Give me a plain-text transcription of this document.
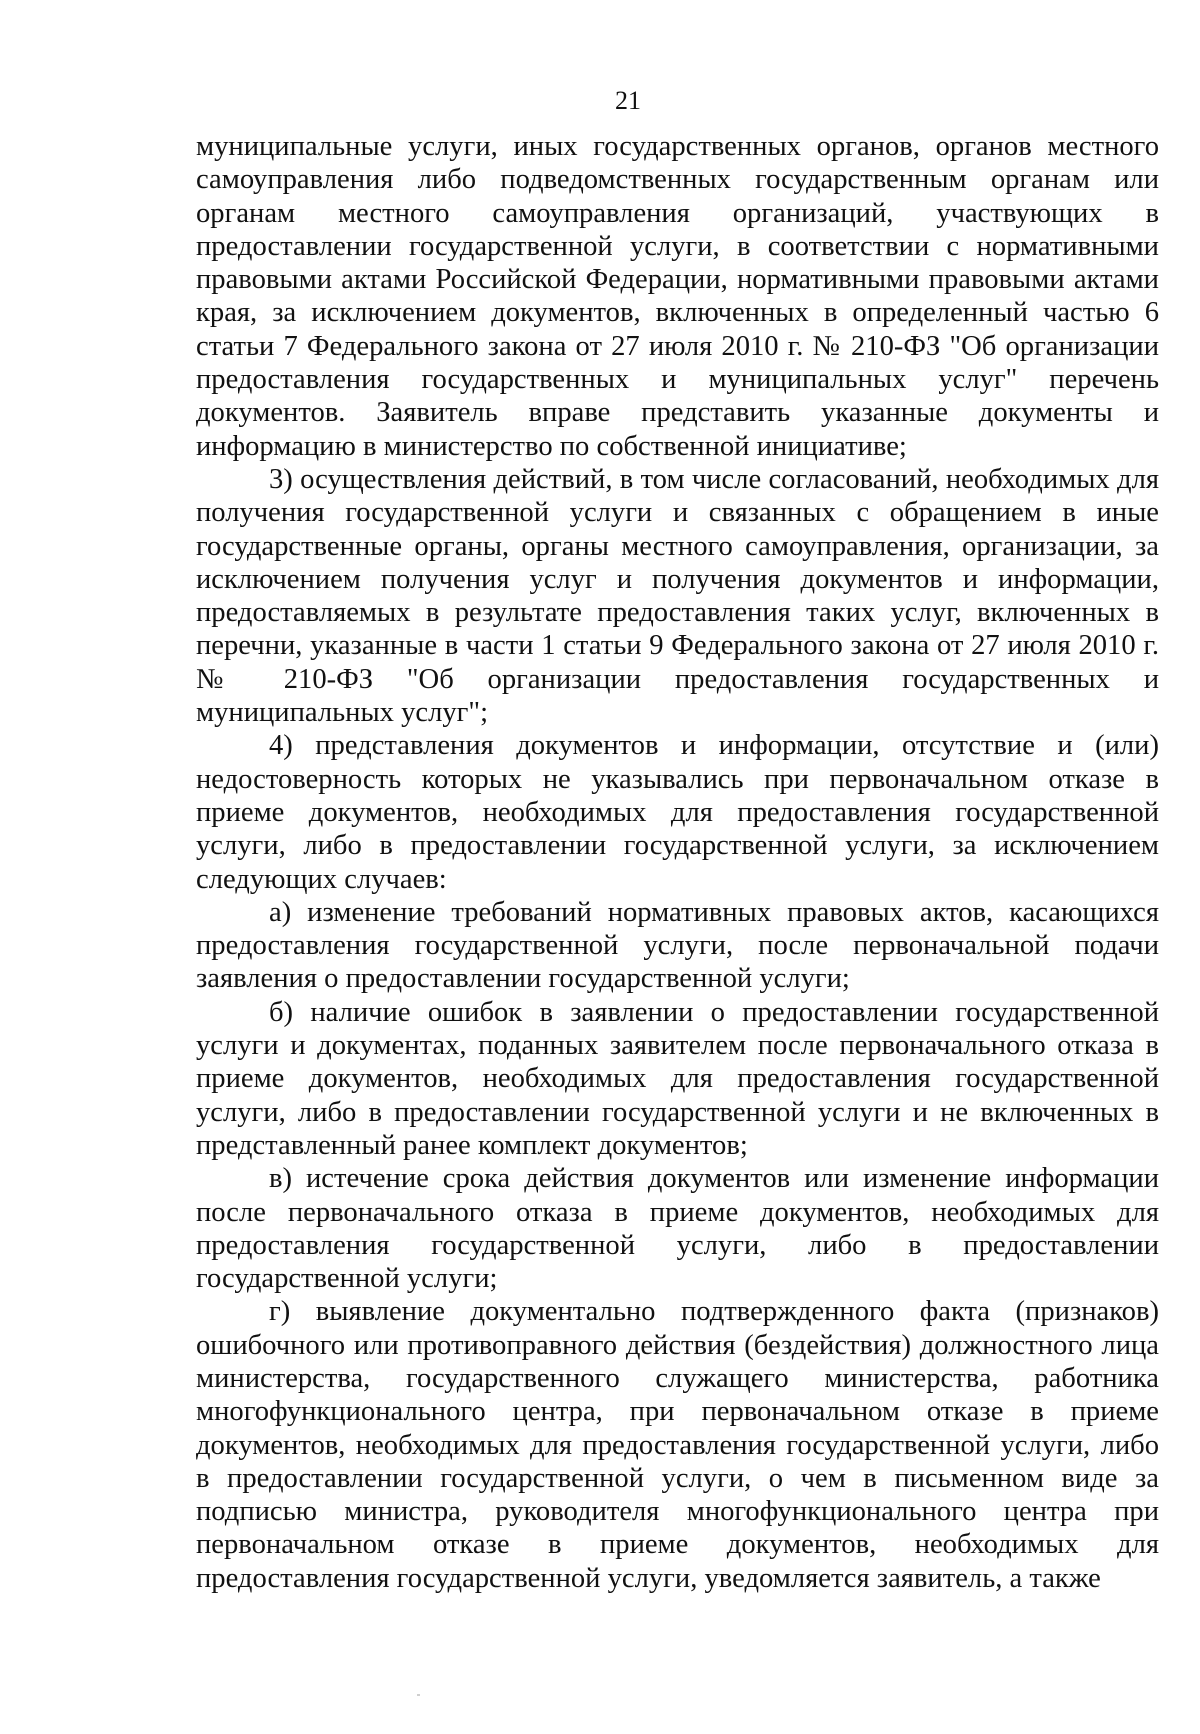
21

муниципальные услуги, иных государственных органов, органов местного самоуправления либо подведомственных государственным органам или органам местного самоуправления организаций, участвующих в предоставлении государственной услуги, в соответствии с нормативными правовыми актами Российской Федерации, нормативными правовыми актами края, за исключением документов, включенных в определенный частью 6 статьи 7 Федерального закона от 27 июля 2010 г. № 210-ФЗ "Об организации предоставления государственных и муниципальных услуг" перечень документов. Заявитель вправе представить указанные документы и информацию в министерство по собственной инициативе;

3) осуществления действий, в том числе согласований, необходимых для получения государственной услуги и связанных с обращением в иные государственные органы, органы местного самоуправления, организации, за исключением получения услуг и получения документов и информации, предоставляемых в результате предоставления таких услуг, включенных в перечни, указанные в части 1 статьи 9 Федерального закона от 27 июля 2010 г. № 210-ФЗ "Об организации предоставления государственных и муниципальных услуг";

4) представления документов и информации, отсутствие и (или) недостоверность которых не указывались при первоначальном отказе в приеме документов, необходимых для предоставления государственной услуги, либо в предоставлении государственной услуги, за исключением следующих случаев:

а) изменение требований нормативных правовых актов, касающихся предоставления государственной услуги, после первоначальной подачи заявления о предоставлении государственной услуги;

б) наличие ошибок в заявлении о предоставлении государственной услуги и документах, поданных заявителем после первоначального отказа в приеме документов, необходимых для предоставления государственной услуги, либо в предоставлении государственной услуги и не включенных в представленный ранее комплект документов;

в) истечение срока действия документов или изменение информации после первоначального отказа в приеме документов, необходимых для предоставления государственной услуги, либо в предоставлении государственной услуги;

г) выявление документально подтвержденного факта (признаков) ошибочного или противоправного действия (бездействия) должностного лица министерства, государственного служащего министерства, работника многофункционального центра, при первоначальном отказе в приеме документов, необходимых для предоставления государственной услуги, либо в предоставлении государственной услуги, о чем в письменном виде за подписью министра, руководителя многофункционального центра при первоначальном отказе в приеме документов, необходимых для предоставления государственной услуги, уведомляется заявитель, а также
